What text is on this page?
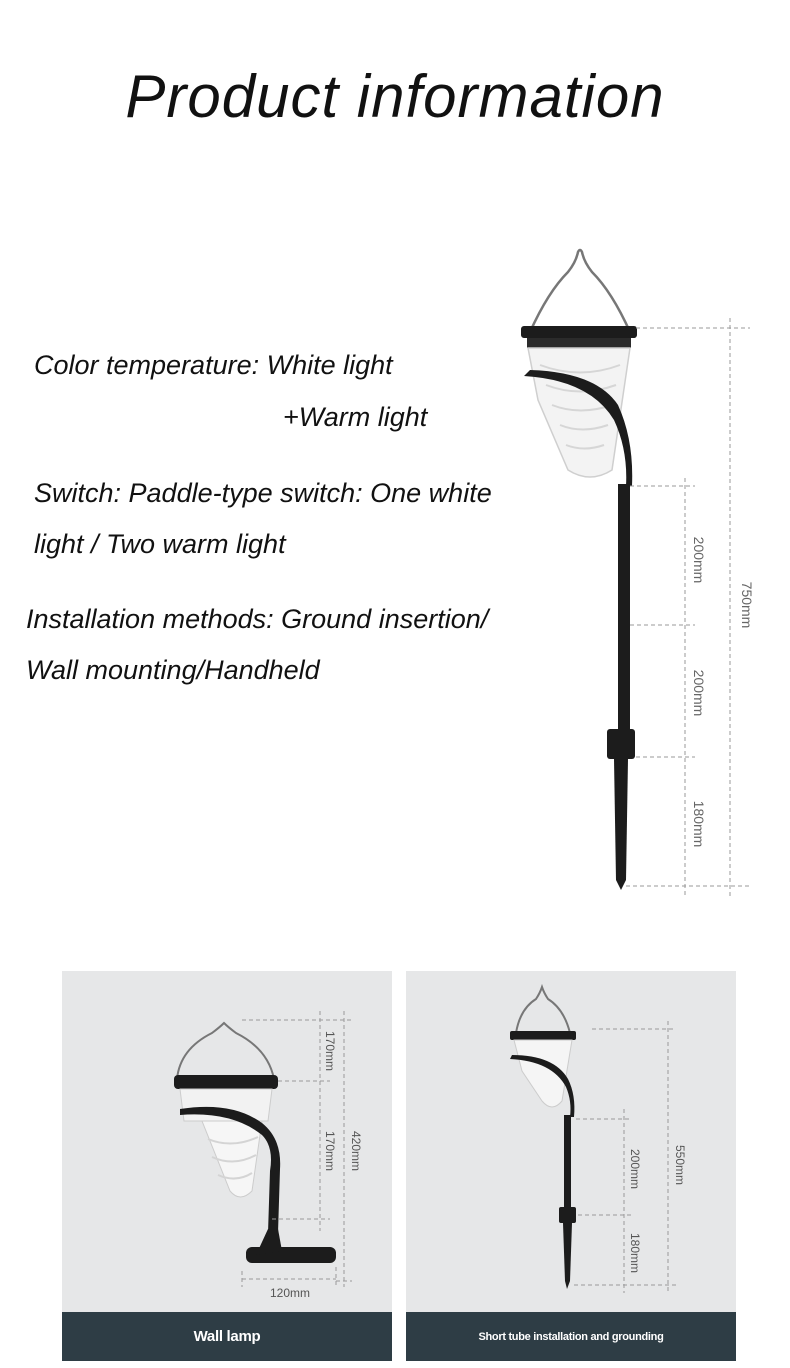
Product information
Color temperature: White light
+Warm light
Switch: Paddle-type switch: One white
light / Two warm light
Installation methods: Ground insertion/
Wall mounting/Handheld
200mm
200mm
180mm
750mm
170mm
170mm 420mm
120mm
Wall lamp
200mm
180mm
550mm
Short tube installation and grounding
